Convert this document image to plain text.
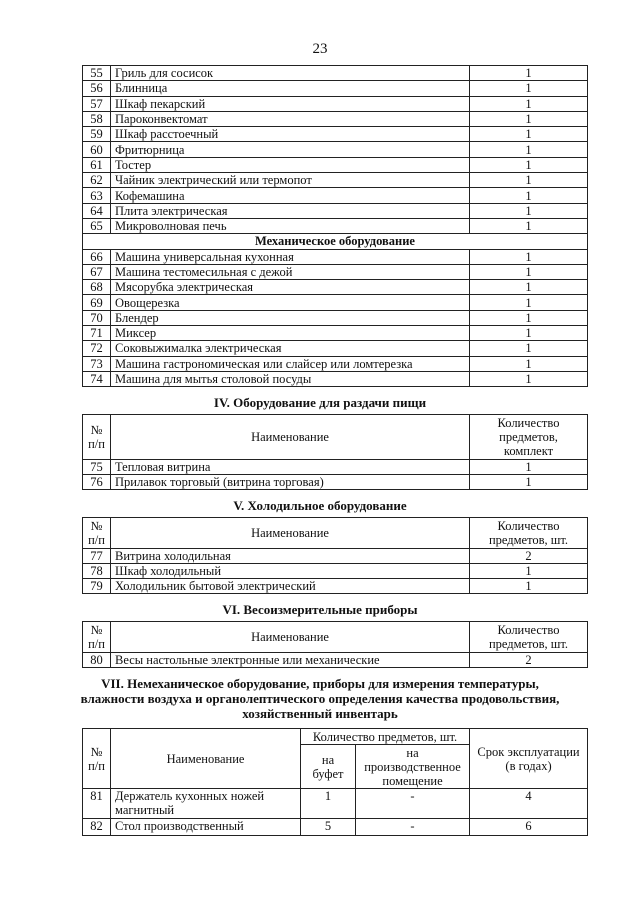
23
55	Гриль для сосисок	1
56	Блинница	1
57	Шкаф пекарский	1
58	Пароконвектомат	1
59	Шкаф расстоечный	1
60	Фритюрница	1
61	Тостер	1
62	Чайник электрический или термопот	1
63	Кофемашина	1
64	Плита электрическая	1
65	Микроволновая печь	1
Механическое оборудование		
66	Машина универсальная кухонная	1
67	Машина тестомесильная с дежой	1
68	Мясорубка электрическая	1
69	Овощерезка	1
70	Блендер	1
71	Миксер	1
72	Соковыжималка электрическая	1
73	Машина гастрономическая или слайсер или ломтерезка	1
74	Машина для мытья столовой посуды	1
IV. Оборудование для раздачи пищи
№ п/п	Наименование	Количество предметов, комплект
75	Тепловая витрина	1
76	Прилавок торговый (витрина торговая)	1
V. Холодильное оборудование
№ п/п	Наименование	Количество предметов, шт.
77	Витрина холодильная	2
78	Шкаф холодильный	1
79	Холодильник бытовой электрический	1
VI. Весоизмерительные приборы
№ п/п	Наименование	Количество предметов, шт.
80	Весы настольные электронные или механические	2
VII. Немеханическое оборудование, приборы для измерения температуры,
влажности воздуха и органолептического определения качества продовольствия,
хозяйственный инвентарь
№ п/п	Наименование	Количество предметов, шт.		Срок эксплуатации (в годах)
		на буфет	на производственное помещение	
81	Держатель кухонных ножей магнитный	1	-	4
82	Стол производственный	5	-	6
